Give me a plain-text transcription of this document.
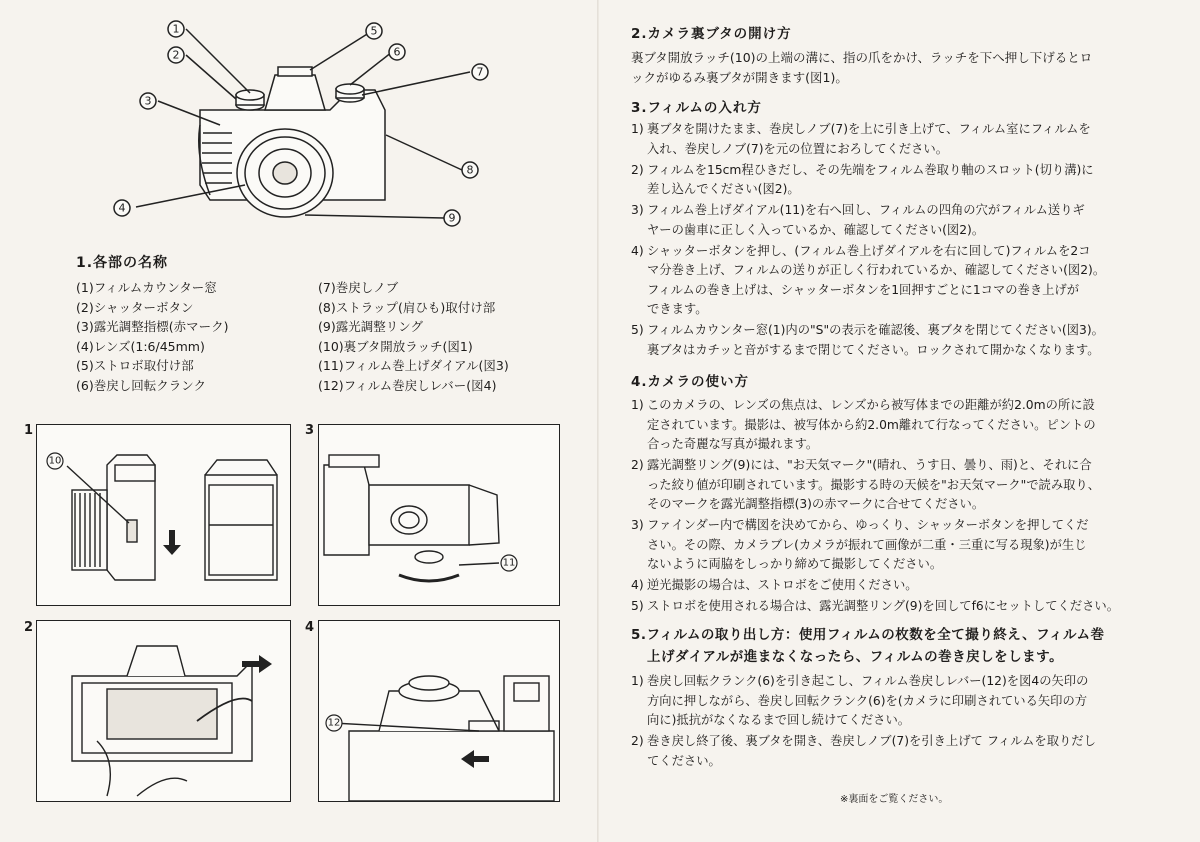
1
2
3
4
5
6
7
8
9
1.各部の名称
(1)フィルムカウンター窓
(2)シャッターボタン
(3)露光調整指標(赤マーク)
(4)レンズ(1:6/45mm)
(5)ストロボ取付け部
(6)巻戻し回転クランク
(7)巻戻しノブ
(8)ストラップ(肩ひも)取付け部
(9)露光調整リング
(10)裏ブタ開放ラッチ(図1)
(11)フィルム巻上げダイアル(図3)
(12)フィルム巻戻しレバー(図4)
1
10
3
11
2	4
12
2.カメラ裏ブタの開け方
裏ブタ開放ラッチ(10)の上端の溝に、指の爪をかけ、ラッチを下へ押し下げるとロ
ックがゆるみ裏ブタが開きます(図1)。
3.フィルムの入れ方
1) 裏ブタを開けたまま、巻戻しノブ(7)を上に引き上げて、フィルム室にフィルムを
入れ、巻戻しノブ(7)を元の位置におろしてください。
2) フィルムを15cm程ひきだし、その先端をフィルム巻取り軸のスロット(切り溝)に
差し込んでください(図2)。
3) フィルム巻上げダイアル(11)を右へ回し、フィルムの四角の穴がフィルム送りギ
ヤーの歯車に正しく入っているか、確認してください(図2)。
4) シャッターボタンを押し、(フィルム巻上げダイアルを右に回して)フィルムを2コ
マ分巻き上げ、フィルムの送りが正しく行われているか、確認してください(図2)。
フィルムの巻き上げは、シャッターボタンを1回押すごとに1コマの巻き上げが
できます。
5) フィルムカウンター窓(1)内の"S"の表示を確認後、裏ブタを閉じてください(図3)。
裏ブタはカチッと音がするまで閉じてください。ロックされて開かなくなります。
4.カメラの使い方
1) このカメラの、レンズの焦点は、レンズから被写体までの距離が約2.0mの所に設
定されています。撮影は、被写体から約2.0m離れて行なってください。ピントの
合った奇麗な写真が撮れます。
2) 露光調整リング(9)には、"お天気マーク"(晴れ、うす日、曇り、雨)と、それに合
った絞り値が印刷されています。撮影する時の天候を"お天気マーク"で読み取り、
そのマークを露光調整指標(3)の赤マークに合せてください。
3) ファインダー内で構図を決めてから、ゆっくり、シャッターボタンを押してくだ
さい。その際、カメラブレ(カメラが振れて画像が二重・三重に写る現象)が生じ
ないように両脇をしっかり締めて撮影してください。
4) 逆光撮影の場合は、ストロボをご使用ください。
5) ストロボを使用される場合は、露光調整リング(9)を回してf6にセットしてください。
5.フィルムの取り出し方：使用フィルムの枚数を全て撮り終え、フィルム巻
上げダイアルが進まなくなったら、フィルムの巻き戻しをします。
1) 巻戻し回転クランク(6)を引き起こし、フィルム巻戻しレバー(12)を図4の矢印の
方向に押しながら、巻戻し回転クランク(6)を(カメラに印刷されている矢印の方
向に)抵抗がなくなるまで回し続けてください。
2) 巻き戻し終了後、裏ブタを開き、巻戻しノブ(7)を引き上げて フィルムを取りだし
てください。
※裏面をご覧ください。
